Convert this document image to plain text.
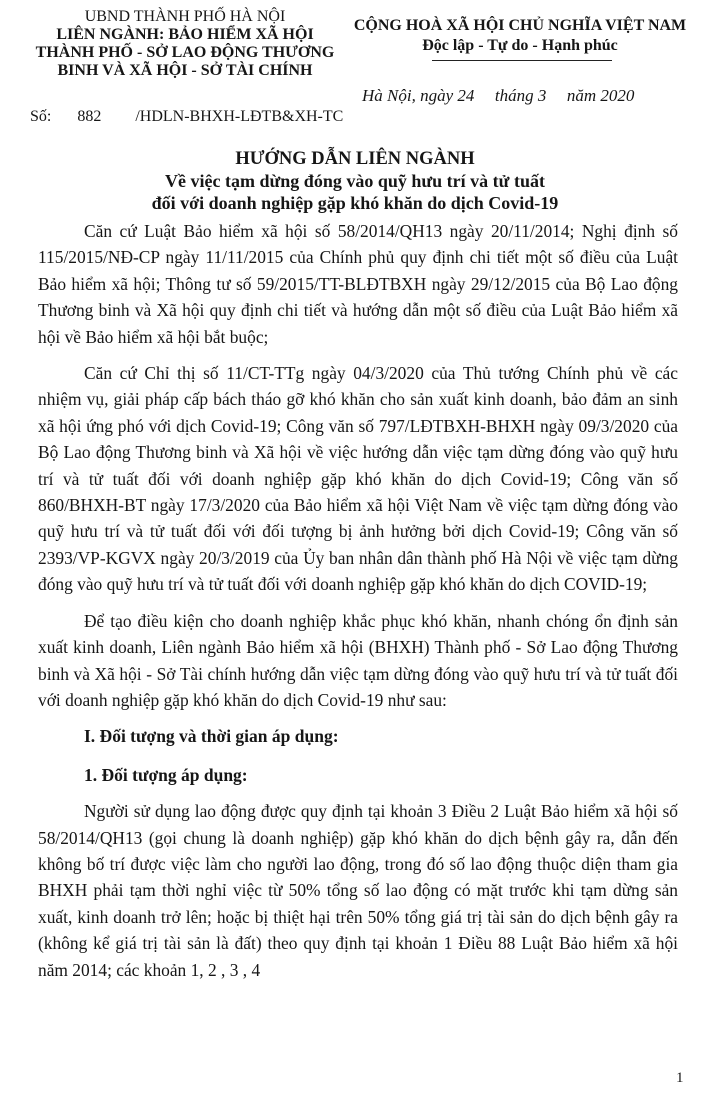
UBND THÀNH PHỐ HÀ NỘI
LIÊN NGÀNH: BẢO HIỂM XÃ HỘI
THÀNH PHỐ - SỞ LAO ĐỘNG THƯƠNG
BINH VÀ XÃ HỘI - SỞ TÀI CHÍNH
CỘNG HOÀ XÃ HỘI CHỦ NGHĨA VIỆT NAM
Độc lập - Tự do - Hạnh phúc
Hà Nội, ngày 24 tháng 3 năm 2020
Số: 882 /HDLN-BHXH-LĐTB&XH-TC
HƯỚNG DẪN LIÊN NGÀNH
Về việc tạm dừng đóng vào quỹ hưu trí và tử tuất
đối với doanh nghiệp gặp khó khăn do dịch Covid-19

Căn cứ Luật Bảo hiểm xã hội số 58/2014/QH13 ngày 20/11/2014; Nghị định số 115/2015/NĐ-CP ngày 11/11/2015 của Chính phủ quy định chi tiết một số điều của Luật Bảo hiểm xã hội; Thông tư số 59/2015/TT-BLĐTBXH ngày 29/12/2015 của Bộ Lao động Thương binh và Xã hội quy định chi tiết và hướng dẫn một số điều của Luật Bảo hiểm xã hội về Bảo hiểm xã hội bắt buộc;

Căn cứ Chỉ thị số 11/CT-TTg ngày 04/3/2020 của Thủ tướng Chính phủ về các nhiệm vụ, giải pháp cấp bách tháo gỡ khó khăn cho sản xuất kinh doanh, bảo đảm an sinh xã hội ứng phó với dịch Covid-19; Công văn số 797/LĐTBXH-BHXH ngày 09/3/2020 của Bộ Lao động Thương binh và Xã hội về việc hướng dẫn việc tạm dừng đóng vào quỹ hưu trí và tử tuất đối với doanh nghiệp gặp khó khăn do dịch Covid-19; Công văn số 860/BHXH-BT ngày 17/3/2020 của Bảo hiểm xã hội Việt Nam về việc tạm dừng đóng vào quỹ hưu trí và tử tuất đối với đối tượng bị ảnh hưởng bởi dịch Covid-19; Công văn số 2393/VP-KGVX ngày 20/3/2019 của Ủy ban nhân dân thành phố Hà Nội về việc tạm dừng đóng vào quỹ hưu trí và tử tuất đối với doanh nghiệp gặp khó khăn do dịch COVID-19;

Để tạo điều kiện cho doanh nghiệp khắc phục khó khăn, nhanh chóng ổn định sản xuất kinh doanh, Liên ngành Bảo hiểm xã hội (BHXH) Thành phố - Sở Lao động Thương binh và Xã hội - Sở Tài chính hướng dẫn việc tạm dừng đóng vào quỹ hưu trí và tử tuất đối với doanh nghiệp gặp khó khăn do dịch Covid-19 như sau:

I. Đối tượng và thời gian áp dụng:
1. Đối tượng áp dụng:

Người sử dụng lao động được quy định tại khoản 3 Điều 2 Luật Bảo hiểm xã hội số 58/2014/QH13 (gọi chung là doanh nghiệp) gặp khó khăn do dịch bệnh gây ra, dẫn đến không bố trí được việc làm cho người lao động, trong đó số lao động thuộc diện tham gia BHXH phải tạm thời nghỉ việc từ 50% tổng số lao động có mặt trước khi tạm dừng sản xuất, kinh doanh trở lên; hoặc bị thiệt hại trên 50% tổng giá trị tài sản do dịch bệnh gây ra (không kể giá trị tài sản là đất) theo quy định tại khoản 1 Điều 88 Luật Bảo hiểm xã hội năm 2014; các khoản 1, 2 , 3 , 4

1
